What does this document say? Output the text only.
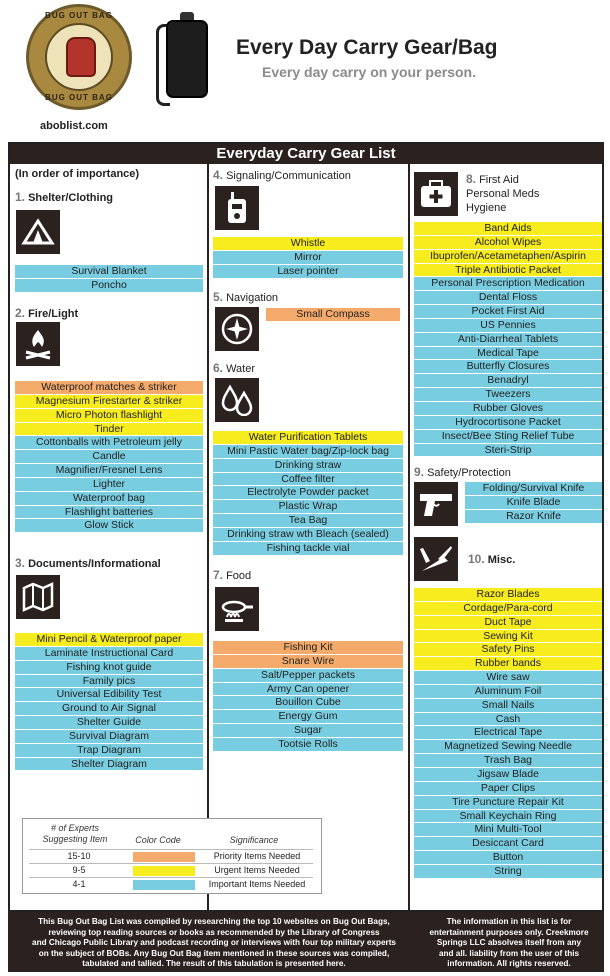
BUG OUT BAG
BUG OUT BAG
aboblist.com
Every Day Carry Gear/Bag
Every day carry on your person.
Everyday Carry Gear List
(In order of importance)
1. Shelter/Clothing
Survival Blanket
Poncho
2. Fire/Light
Waterproof matches & striker
Magnesium Firestarter & striker
Micro Photon flashlight
Tinder
Cottonballs with Petroleum jelly
Candle
Magnifier/Fresnel Lens
Lighter
Waterproof bag
Flashlight batteries
Glow Stick
3. Documents/Informational
Mini Pencil & Waterproof paper
Laminate Instructional Card
Fishing knot guide
Family pics
Universal Edibility Test
Ground to Air Signal
Shelter Guide
Survival Diagram
Trap Diagram
Shelter Diagram
4. Signaling/Communication
Whistle
Mirror
Laser pointer
5. Navigation
Small Compass
6. Water
Water Purification Tablets
Mini Pastic Water bag/Zip-lock bag
Drinking straw
Coffee filter
Electrolyte Powder packet
Plastic Wrap
Tea Bag
Drinking straw wth Bleach (sealed)
Fishing tackle vial
7. Food
Fishing Kit
Snare Wire
Salt/Pepper packets
Army Can opener
Bouillon Cube
Energy Gum
Sugar
Tootsie Rolls
8. First Aid
Personal Meds
Hygiene
Band Aids
Alcohol Wipes
Ibuprofen/Acetametaphen/Aspirin
Triple Antibiotic Packet
Personal Prescription Medication
Dental Floss
Pocket First Aid
US Pennies
Anti-Diarrheal Tablets
Medical Tape
Butterfly Closures
Benadryl
Tweezers
Rubber Gloves
Hydrocortisone Packet
Insect/Bee Sting Relief Tube
Steri-Strip
9. Safety/Protection
Folding/Survival Knife
Knife Blade
Razor Knife
10. Misc.
Razor Blades
Cordage/Para-cord
Duct Tape
Sewing Kit
Safety Pins
Rubber bands
Wire saw
Aluminum Foil
Small Nails
Cash
Electrical Tape
Magnetized Sewing Needle
Trash Bag
Jigsaw Blade
Paper Clips
Tire Puncture Repair Kit
Small Keychain Ring
Mini Multi-Tool
Desiccant Card
Button
String
# of Experts
Suggesting Item	Color Code	Significance
15-10	Priority Items Needed
9-5	Urgent Items Needed
4-1	Important Items Needed
This Bug Out Bag List was compiled by researching the top 10 websites on Bug Out Bags,
reviewing top reading sources or books as recommended by the Library of Congress
and Chicago Public Library and podcast recording or interviews with four top military experts
on the subject of BOBs. Any Bug Out Bag item mentioned in these sources was compiled,
tabulated and tallied. The result of this tabulation is presented here.
The information in this list is for
entertainment purposes only. Creekmore
Springs LLC absolves itself from any
and all. liability from the user of this
information. All rights reserved.
